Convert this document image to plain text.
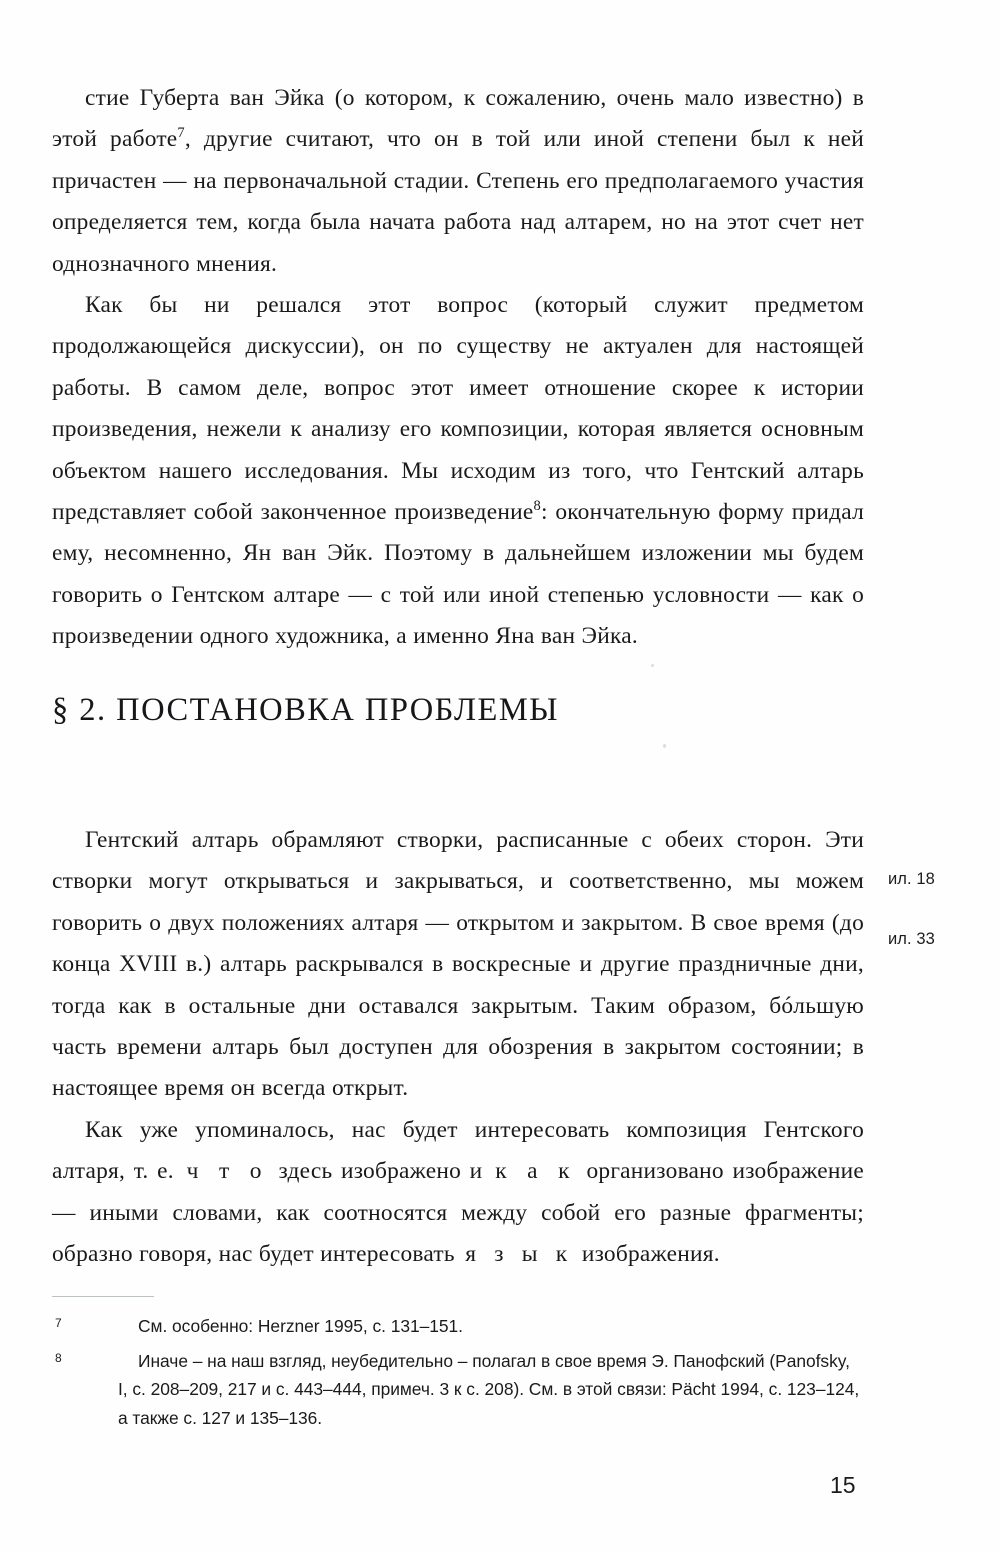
стие Губерта ван Эйка (о котором, к сожалению, очень мало известно) в этой работе$^7$, другие считают, что он в той или иной степени был к ней причастен — на первоначальной стадии. Степень его предполагаемого участия определяется тем, когда была начата работа над алтарем, но на этот счет нет однозначного мнения.

Как бы ни решался этот вопрос (который служит предметом продолжающейся дискуссии), он по существу не актуален для настоящей работы. В самом деле, вопрос этот имеет отношение скорее к истории произведения, нежели к анализу его композиции, которая является основным объектом нашего исследования. Мы исходим из того, что Гентский алтарь представляет собой законченное произведение$^8$: окончательную форму придал ему, несомненно, Ян ван Эйк. Поэтому в дальнейшем изложении мы будем говорить о Гентском алтаре — с той или иной степенью условности — как о произведении одного художника, а именно Яна ван Эйка.

§ 2. ПОСТАНОВКА ПРОБЛЕМЫ

Гентский алтарь обрамляют створки, расписанные с обеих сторон. Эти створки могут открываться и закрываться, и соответственно, мы можем говорить о двух положениях алтаря — открытом и закрытом. В свое время (до конца XVIII в.) алтарь раскрывался в воскресные и другие праздничные дни, тогда как в остальные дни оставался закрытым. Таким образом, бóльшую часть времени алтарь был доступен для обозрения в закрытом состоянии; в настоящее время он всегда открыт.

Как уже упоминалось, нас будет интересовать композиция Гентского алтаря, т. е. ч т о здесь изображено и к а к организовано изображение — иными словами, как соотносятся между собой его разные фрагменты; образно говоря, нас будет интересовать я з ы к изображения.

ил. 18
ил. 33
7	См. особенно: Herzner 1995, с. 131–151.
8	Иначе – на наш взгляд, неубедительно – полагал в свое время Э. Панофский (Panofsky, I, с. 208–209, 217 и с. 443–444, примеч. 3 к с. 208). См. в этой связи: Pächt 1994, с. 123–124, а также с. 127 и 135–136.
15
